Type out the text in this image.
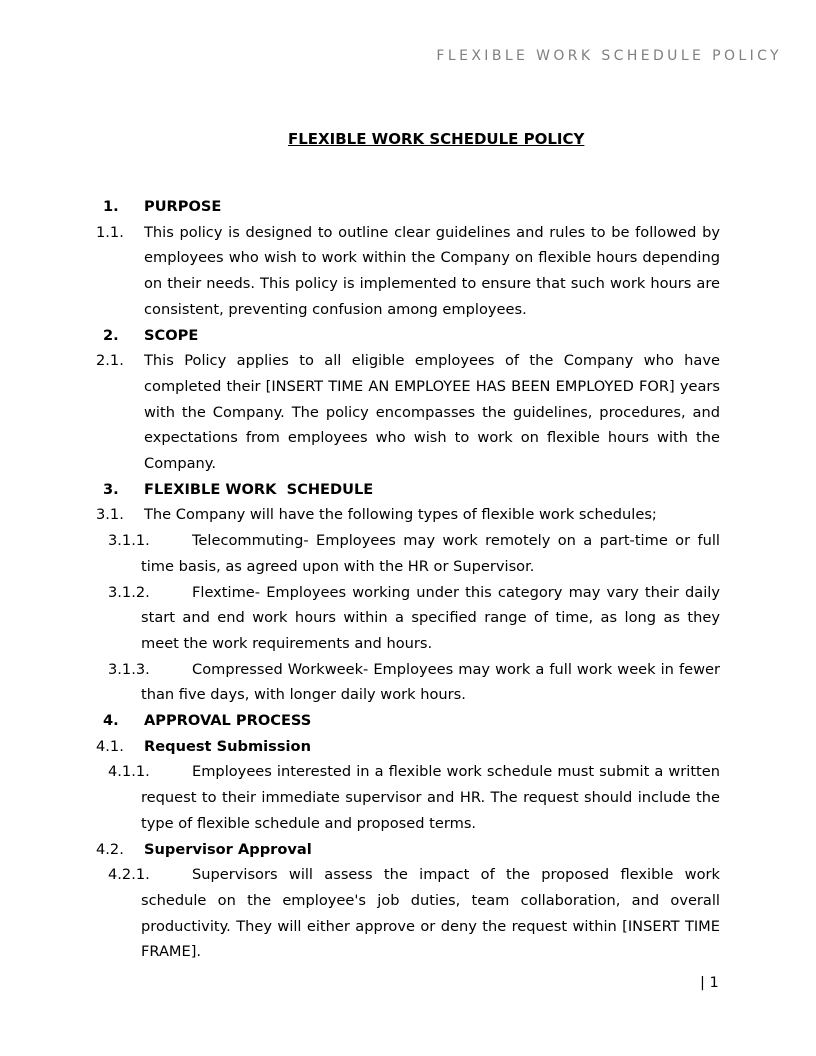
FLEXIBLE WORK SCHEDULE POLICY
FLEXIBLE WORK SCHEDULE POLICY
1. PURPOSE
1.1. This policy is designed to outline clear guidelines and rules to be followed by employees who wish to work within the Company on flexible hours depending on their needs. This policy is implemented to ensure that such work hours are consistent, preventing confusion among employees.
2. SCOPE
2.1. This Policy applies to all eligible employees of the Company who have completed their [INSERT TIME AN EMPLOYEE HAS BEEN EMPLOYED FOR] years with the Company. The policy encompasses the guidelines, procedures, and expectations from employees who wish to work on flexible hours with the Company.
3. FLEXIBLE WORK  SCHEDULE
3.1. The Company will have the following types of flexible work schedules;
3.1.1.	Telecommuting- Employees may work remotely on a part-time or full time basis, as agreed upon with the HR or Supervisor.
3.1.2.	Flextime- Employees working under this category may vary their daily start and end work hours within a specified range of time, as long as they meet the work requirements and hours.
3.1.3.	Compressed Workweek- Employees may work a full work week in fewer than five days, with longer daily work hours.
4. APPROVAL PROCESS
4.1. Request Submission
4.1.1.	Employees interested in a flexible work schedule must submit a written request to their immediate supervisor and HR. The request should include the type of flexible schedule and proposed terms.
4.2. Supervisor Approval
4.2.1.	Supervisors will assess the impact of the proposed flexible work schedule on the employee's job duties, team collaboration, and overall productivity. They will either approve or deny the request within [INSERT TIME FRAME].
| 1
